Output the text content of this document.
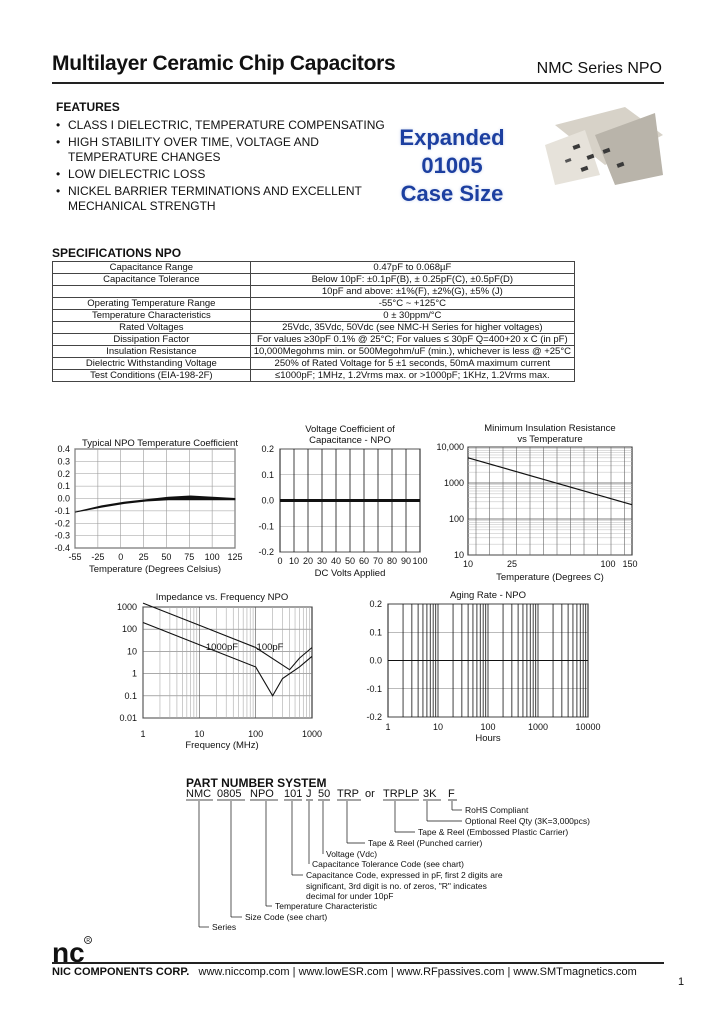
Multilayer Ceramic Chip Capacitors	NMC Series NPO
FEATURES
• CLASS I DIELECTRIC, TEMPERATURE COMPENSATING
• HIGH STABILITY OVER TIME, VOLTAGE AND TEMPERATURE CHANGES
• LOW DIELECTRIC LOSS
• NICKEL BARRIER TERMINATIONS AND EXCELLENT MECHANICAL STRENGTH
Expanded
01005
Case Size
SPECIFICATIONS NPO
Capacitance Range	0.47pF to 0.068µF
Capacitance Tolerance	Below 10pF: ±0.1pF(B), ± 0.25pF(C), ±0.5pF(D)
	10pF and above: ±1%(F), ±2%(G), ±5% (J)
Operating Temperature Range	-55°C ~ +125°C
Temperature Characteristics	0 ± 30ppm/°C
Rated Voltages	25Vdc, 35Vdc, 50Vdc (see NMC-H Series for higher voltages)
Dissipation Factor	For values ≥30pF 0.1% @ 25°C; For values ≤ 30pF Q=400+20 x C (in pF)
Insulation Resistance	10,000Megohms min. or 500Megohm/uF (min.), whichever is less @ +25°C
Dielectric Withstanding Voltage	250% of Rated Voltage for 5 ±1 seconds, 50mA maximum current
Test Conditions (EIA-198-2F)	≤1000pF; 1MHz, 1.2Vrms max. or >1000pF; 1KHz, 1.2Vrms max.
0.4
0.3
0.2
0.1
0.0
-0.1
-0.2
-0.3
-0.4
-55 -25 0 25 50 75 100 125
Typical NPO Temperature Coefficient
Temperature (Degrees Celsius)
0.2
0.1
0.0
-0.1
-0.2
0 10 20 30 40 50 60 70 80 90 100
Voltage Coefficient of
Capacitance - NPO
DC Volts Applied
10,000
1000
100
10
10	25	100 150
Minimum Insulation Resistance
vs Temperature
Temperature (Degrees C)
1000
100
10
1
0.1
0.01
1	10	100	1000
1000pF 100pF
Impedance vs. Frequency NPO
Frequency (MHz)
0.2
0.1
0.0
-0.1
-0.2
1	10	100	1000	10000
Aging Rate - NPO
Hours
PART NUMBER SYSTEM
NMC 0805 NPO 101 J 50 TRP or TRPLP 3K F
RoHS Compliant
Optional Reel Qty (3K=3,000pcs)
Tape & Reel (Embossed Plastic Carrier)
Tape & Reel (Punched carrier)
Voltage (Vdc)
Capacitance Tolerance Code (see chart)
Capacitance Code, expressed in pF, first 2 digits are
significant, 3rd digit is no. of zeros, "R" indicates
decimal for under 10pF
Temperature Characteristic
Size Code (see chart)
Series
nc R
NIC COMPONENTS CORP. www.niccomp.com | www.lowESR.com | www.RFpassives.com | www.SMTmagnetics.com
1
